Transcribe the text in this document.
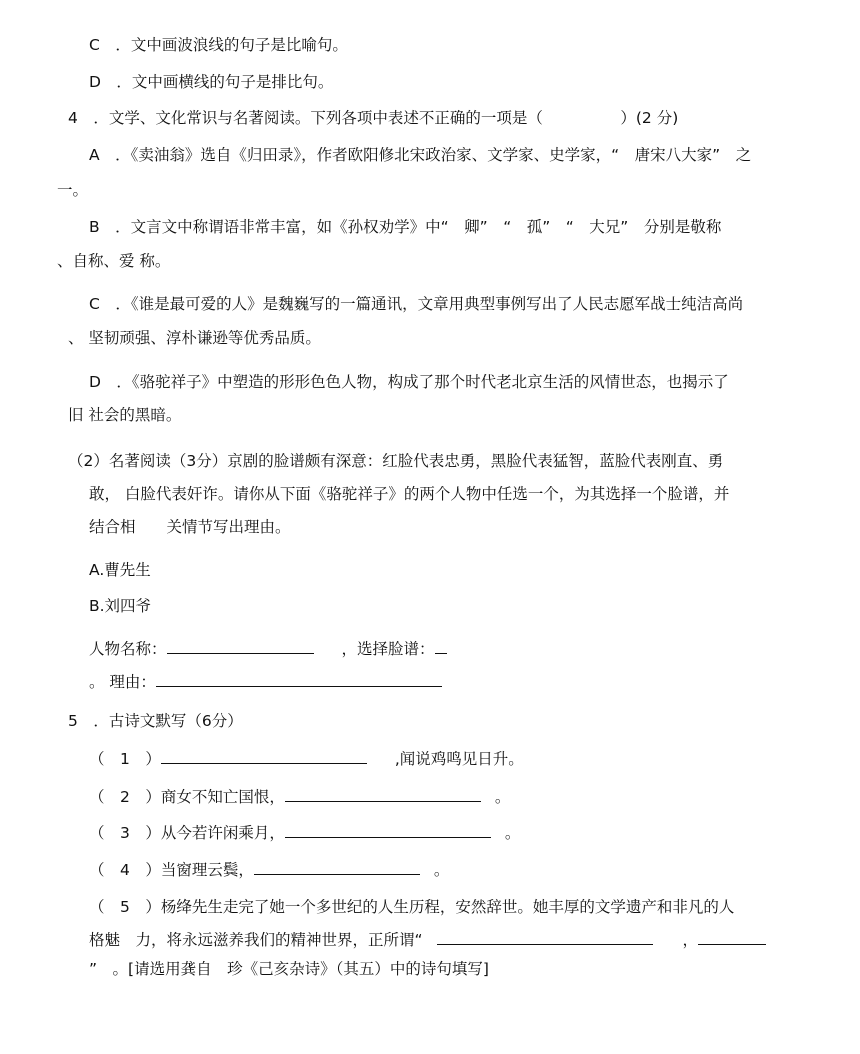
C　．文中画波浪线的句子是比喻句。
D　．文中画横线的句子是排比句。
4　．文学、文化常识与名著阅读。下列各项中表述不正确的一项是（　　　　　）(2 分)
A　．《卖油翁》选自《归田录》，作者欧阳修北宋政治家、文学家、史学家，“　唐宋八大家”　之
一。
B　．文言文中称谓语非常丰富，如《孙权劝学》中“　卿”　“　孤”　“　大兄”　分别是敬称
、自称、爱 称。
C　．《谁是最可爱的人》是魏巍写的一篇通讯，文章用典型事例写出了人民志愿军战士纯洁高尚
、 坚韧顽强、淳朴谦逊等优秀品质。
D　．《骆驼祥子》中塑造的形形色色人物，构成了那个时代老北京生活的风情世态，也揭示了
旧 社会的黑暗。
（2）名著阅读（3分）京剧的脸谱颇有深意：红脸代表忠勇，黑脸代表猛智，蓝脸代表刚直、勇
敢， 白脸代表奸诈。请你从下面《骆驼祥子》的两个人物中任选一个，为其选择一个脸谱，并
结合相　　关情节写出理由。
A.曹先生
B.刘四爷
人物名称：	，选择脸谱：
。 理由：
5　．古诗文默写（6分）
（　1　）	,闻说鸡鸣见日升。
（　2　）商女不知亡国恨，	。
（　3　）从今若许闲乘月，	。
（　4　）当窗理云鬓，	。
（　5　）杨绛先生走完了她一个多世纪的人生历程，安然辞世。她丰厚的文学遗产和非凡的人
格魅　力，将永远滋养我们的精神世界，正所谓“	，
”　。[请选用龚自　珍《己亥杂诗》（其五）中的诗句填写]
